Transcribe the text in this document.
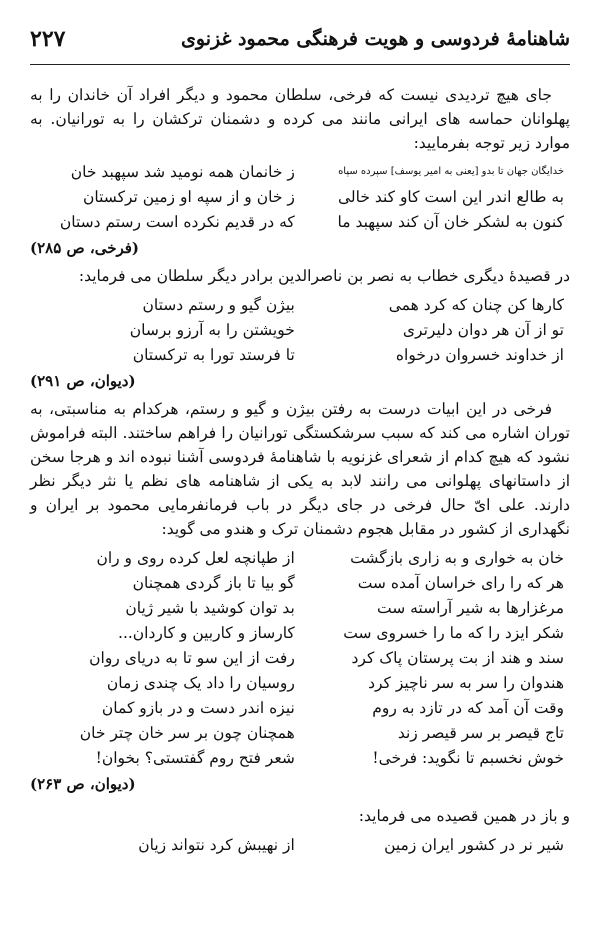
شاهنامهٔ فردوسی و هویت فرهنگی محمود غزنوی
۲۲۷

جای هیچ تردیدی نیست که فرخی، سلطان محمود و دیگر افراد آن خاندان را به پهلوانان حماسه های ایرانی مانند می کرده و دشمنان ترکشان را به تورانیان. به موارد زیر توجه بفرمایید:

خدایگان جهان تا بدو [یعنی به امیر یوسف] سپرده سپاه	ز خانمان همه نومید شد سپهبد خان
به طالع اندر این است کاو کند خالی	ز خان و از سپه او زمین ترکستان
کنون به لشکر خان آن کند سپهبد ما	که در قدیم نکرده است رستم دستان
(فرخی، ص ۲۸۵)

در قصیدهٔ دیگری خطاب به نصر بن ناصرالدین برادر دیگر سلطان می فرماید:

کارها کن چنان که کرد همی	بیژن گیو و رستم دستان
تو از آن هر دوان دلیرتری	خویشتن را به آرزو برسان
از خداوند خسروان درخواه	تا فرستد تورا به ترکستان
(دیوان، ص ۲۹۱)

فرخی در این ابیات درست به رفتن بیژن و گیو و رستم، هرکدام به مناسبتی، به توران اشاره می کند که سبب سرشکستگی تورانیان را فراهم ساختند. البته فراموش نشود که هیچ کدام از شعرای غزنویه با شاهنامهٔ فردوسی آشنا نبوده اند و هرجا سخن از داستانهای پهلوانی می رانند لابد به یکی از شاهنامه های نظم یا نثر دیگر نظر دارند. علی ایّ حال فرخی در جای دیگر در باب فرمانفرمایی محمود بر ایران و نگهداری از کشور در مقابل هجوم دشمنان ترک و هندو می گوید:

خان به خواری و به زاری بازگشت	از طپانچه لعل کرده روی و ران
هر که را رای خراسان آمده ست	گو بیا تا باز گردی همچنان
مرغزارها به شیر آراسته ست	بد توان کوشید با شیر ژیان
شکر ایزد را که ما را خسروی ست	کارساز و کاربین و کاردان...
سند و هند از بت پرستان پاک کرد	رفت از این سو تا به دریای روان
هندوان را سر به سر ناچیز کرد	روسیان را داد یک چندی زمان
وقت آن آمد که در تازد به روم	نیزه اندر دست و در بازو کمان
تاج قیصر بر سر قیصر زند	همچنان چون بر سر خان چتر خان
خوش نخسبم تا نگوید: فرخی!	شعر فتح روم گفتستی؟ بخوان!
(دیوان، ص ۲۶۳)

و باز در همین قصیده می فرماید:

شیر نر در کشور ایران زمین	از نهیبش کرد نتواند زیان
